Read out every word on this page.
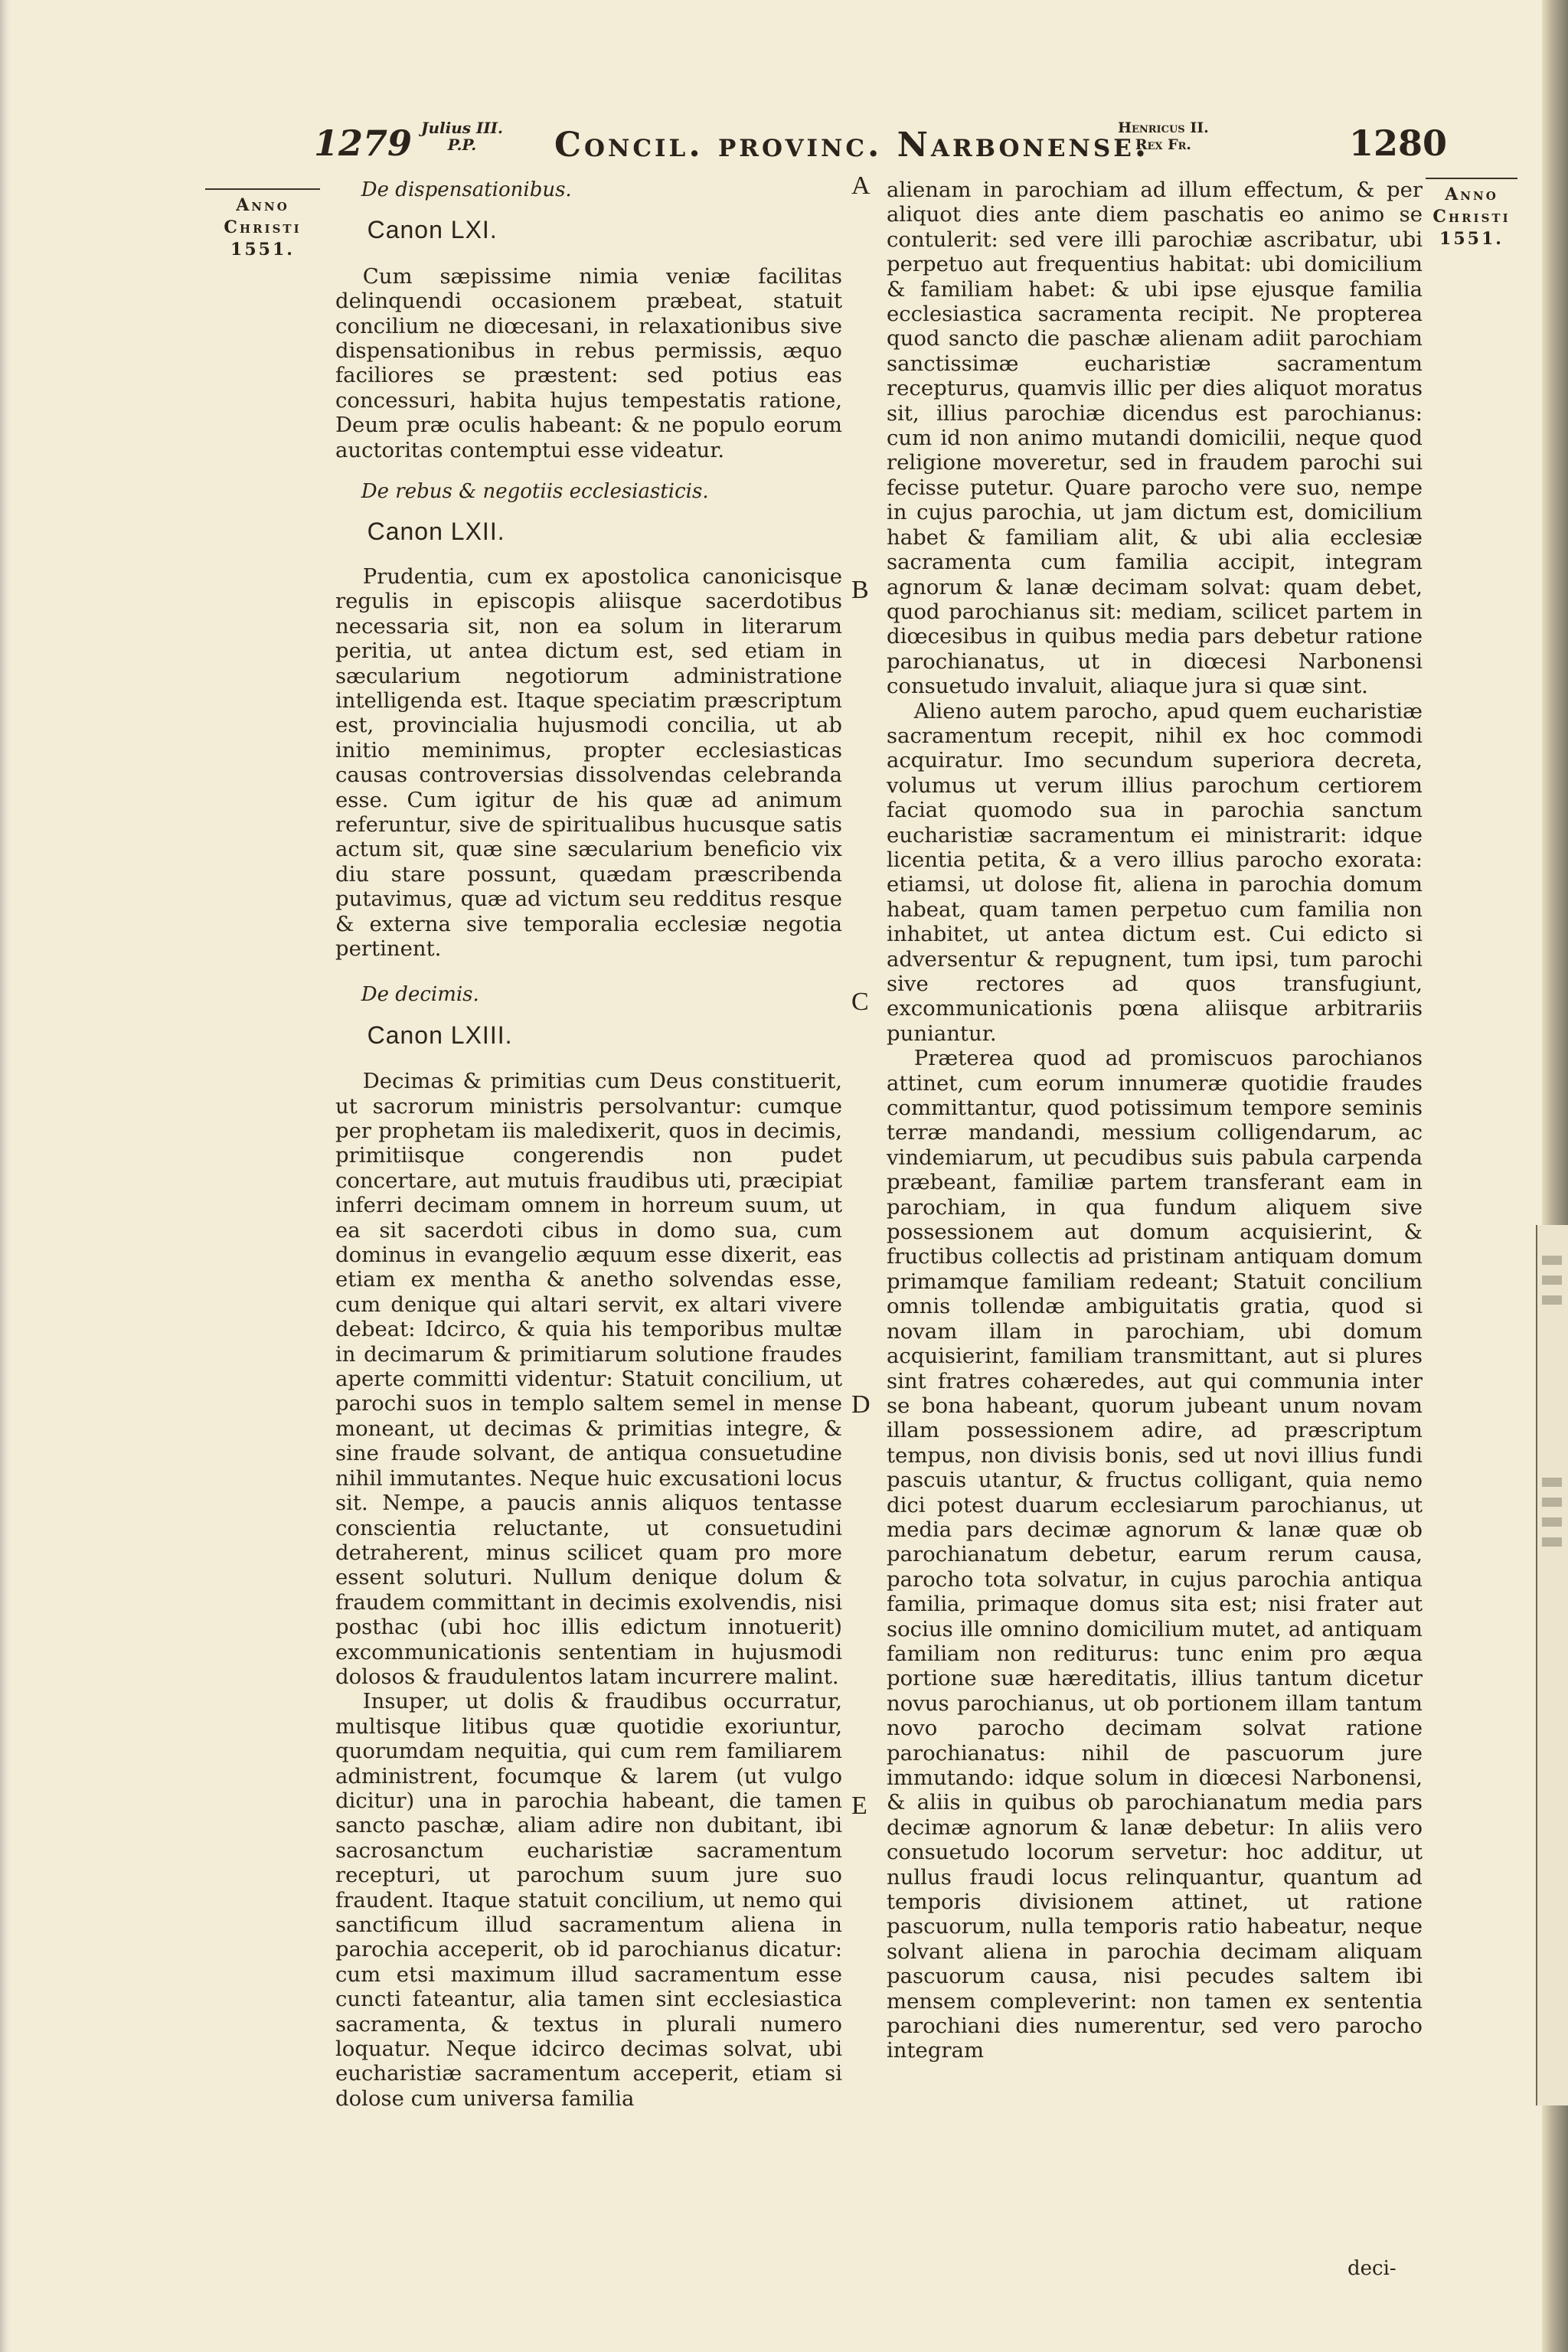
1279 Julius III.
P.P.	Concil. provinc. Narbonense.
Henricus II.
Rex Fr.	1280
Anno
Christi
1551.
Anno
Christi
1551.

De dispensationibus.

Canon LXI.

Cum sæpissime nimia veniæ facilitas delinquendi occasionem præbeat, statuit concilium ne diœcesani, in relaxationibus sive dispensationibus in rebus permissis, æquo faciliores se præstent: sed potius eas concessuri, habita hujus tempestatis ratione, Deum præ oculis habeant: & ne populo eorum auctoritas contemptui esse videatur.

De rebus & negotiis ecclesiasticis.

Canon LXII.

Prudentia, cum ex apostolica canonicisque regulis in episcopis aliisque sacerdotibus necessaria sit, non ea solum in literarum peritia, ut antea dictum est, sed etiam in sæcularium negotiorum administratione intelligenda est. Itaque speciatim præscriptum est, provincialia hujusmodi concilia, ut ab initio meminimus, propter ecclesiasticas causas controversias dissolvendas celebranda esse. Cum igitur de his quæ ad animum referuntur, sive de spiritualibus hucusque satis actum sit, quæ sine sæcularium beneficio vix diu stare possunt, quædam præscribenda putavimus, quæ ad victum seu redditus resque & externa sive temporalia ecclesiæ negotia pertinent.

De decimis.

Canon LXIII.

Decimas & primitias cum Deus constituerit, ut sacrorum ministris persolvantur: cumque per prophetam iis maledixerit, quos in decimis, primitiisque congerendis non pudet concertare, aut mutuis fraudibus uti, præcipiat inferri decimam omnem in horreum suum, ut ea sit sacerdoti cibus in domo sua, cum dominus in evangelio æquum esse dixerit, eas etiam ex mentha & anetho solvendas esse, cum denique qui altari servit, ex altari vivere debeat: Idcirco, & quia his temporibus multæ in decimarum & primitiarum solutione fraudes aperte committi videntur: Statuit concilium, ut parochi suos in templo saltem semel in mense moneant, ut decimas & primitias integre, & sine fraude solvant, de antiqua consuetudine nihil immutantes. Neque huic excusationi locus sit. Nempe, a paucis annis aliquos tentasse conscientia reluctante, ut consuetudini detraherent, minus scilicet quam pro more essent soluturi. Nullum denique dolum & fraudem committant in decimis exolvendis, nisi posthac (ubi hoc illis edictum innotuerit) excommunicationis sententiam in hujusmodi dolosos & fraudulentos latam incurrere malint.

Insuper, ut dolis & fraudibus occurratur, multisque litibus quæ quotidie exoriuntur, quorumdam nequitia, qui cum rem familiarem administrent, focumque & larem (ut vulgo dicitur) una in parochia habeant, die tamen sancto paschæ, aliam adire non dubitant, ibi sacrosanctum eucharistiæ sacramentum recepturi, ut parochum suum jure suo fraudent. Itaque statuit concilium, ut nemo qui sanctificum illud sacramentum aliena in parochia acceperit, ob id parochianus dicatur: cum etsi maximum illud sacramentum esse cuncti fateantur, alia tamen sint ecclesiastica sacramenta, & textus in plurali numero loquatur. Neque idcirco decimas solvat, ubi eucharistiæ sacramentum acceperit, etiam si dolose cum universa familia

A
B
C
D
E

alienam in parochiam ad illum effectum, & per aliquot dies ante diem paschatis eo animo se contulerit: sed vere illi parochiæ ascribatur, ubi perpetuo aut frequentius habitat: ubi domicilium & familiam habet: & ubi ipse ejusque familia ecclesiastica sacramenta recipit. Ne propterea quod sancto die paschæ alienam adiit parochiam sanctissimæ eucharistiæ sacramentum recepturus, quamvis illic per dies aliquot moratus sit, illius parochiæ dicendus est parochianus: cum id non animo mutandi domicilii, neque quod religione moveretur, sed in fraudem parochi sui fecisse putetur. Quare parocho vere suo, nempe in cujus parochia, ut jam dictum est, domicilium habet & familiam alit, & ubi alia ecclesiæ sacramenta cum familia accipit, integram agnorum & lanæ decimam solvat: quam debet, quod parochianus sit: mediam, scilicet partem in diœcesibus in quibus media pars debetur ratione parochianatus, ut in diœcesi Narbonensi consuetudo invaluit, aliaque jura si quæ sint.

Alieno autem parocho, apud quem eucharistiæ sacramentum recepit, nihil ex hoc commodi acquiratur. Imo secundum superiora decreta, volumus ut verum illius parochum certiorem faciat quomodo sua in parochia sanctum eucharistiæ sacramentum ei ministrarit: idque licentia petita, & a vero illius parocho exorata: etiamsi, ut dolose fit, aliena in parochia domum habeat, quam tamen perpetuo cum familia non inhabitet, ut antea dictum est. Cui edicto si adversentur & repugnent, tum ipsi, tum parochi sive rectores ad quos transfugiunt, excommunicationis pœna aliisque arbitrariis puniantur.

Præterea quod ad promiscuos parochianos attinet, cum eorum innumeræ quotidie fraudes committantur, quod potissimum tempore seminis terræ mandandi, messium colligendarum, ac vindemiarum, ut pecudibus suis pabula carpenda præbeant, familiæ partem transferant eam in parochiam, in qua fundum aliquem sive possessionem aut domum acquisierint, & fructibus collectis ad pristinam antiquam domum primamque familiam redeant; Statuit concilium omnis tollendæ ambiguitatis gratia, quod si novam illam in parochiam, ubi domum acquisierint, familiam transmittant, aut si plures sint fratres cohæredes, aut qui communia inter se bona habeant, quorum jubeant unum novam illam possessionem adire, ad præscriptum tempus, non divisis bonis, sed ut novi illius fundi pascuis utantur, & fructus colligant, quia nemo dici potest duarum ecclesiarum parochianus, ut media pars decimæ agnorum & lanæ quæ ob parochianatum debetur, earum rerum causa, parocho tota solvatur, in cujus parochia antiqua familia, primaque domus sita est; nisi frater aut socius ille omnino domicilium mutet, ad antiquam familiam non rediturus: tunc enim pro æqua portione suæ hæreditatis, illius tantum dicetur novus parochianus, ut ob portionem illam tantum novo parocho decimam solvat ratione parochianatus: nihil de pascuorum jure immutando: idque solum in diœcesi Narbonensi, & aliis in quibus ob parochianatum media pars decimæ agnorum & lanæ debetur: In aliis vero consuetudo locorum servetur: hoc additur, ut nullus fraudi locus relinquantur, quantum ad temporis divisionem attinet, ut ratione pascuorum, nulla temporis ratio habeatur, neque solvant aliena in parochia decimam aliquam pascuorum causa, nisi pecudes saltem ibi mensem compleverint: non tamen ex sententia parochiani dies numerentur, sed vero parocho integram

deci-
